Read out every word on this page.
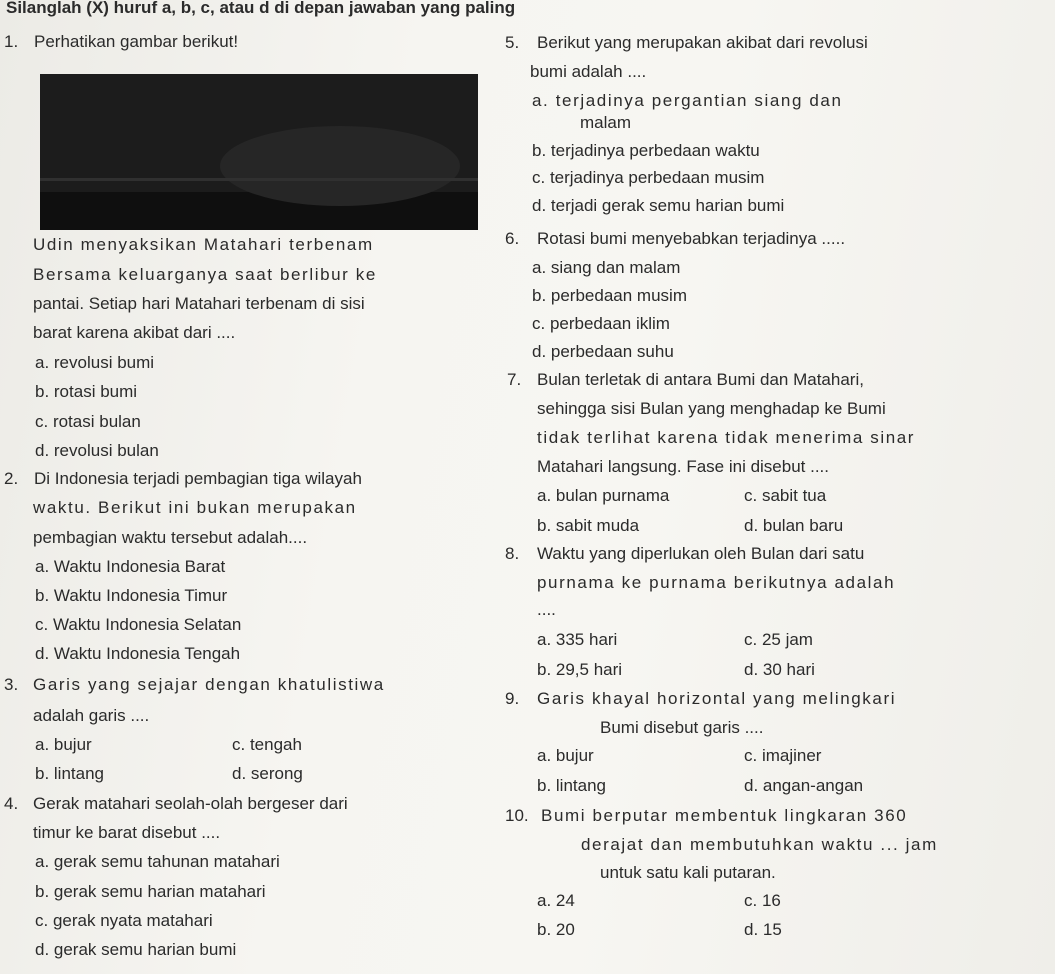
Silanglah (X) huruf a, b, c, atau d di depan jawaban yang paling
1. Perhatikan gambar berikut!
Udin menyaksikan Matahari terbenam
Bersama keluarganya saat berlibur ke
pantai. Setiap hari Matahari terbenam di sisi
barat karena akibat dari ....
a. revolusi bumi
b. rotasi bumi
c. rotasi bulan
d. revolusi bulan
2. Di Indonesia terjadi pembagian tiga wilayah
waktu. Berikut ini bukan merupakan
pembagian waktu tersebut adalah....
a. Waktu Indonesia Barat
b. Waktu Indonesia Timur
c. Waktu Indonesia Selatan
d. Waktu Indonesia Tengah
3. Garis yang sejajar dengan khatulistiwa
adalah garis ....
a. bujur
b. lintang
c. tengah
d. serong
4. Gerak matahari seolah-olah bergeser dari
timur ke barat disebut ....
a. gerak semu tahunan matahari
b. gerak semu harian matahari
c. gerak nyata matahari
d. gerak semu harian bumi
5. Berikut yang merupakan akibat dari revolusi
bumi adalah ....
a. terjadinya pergantian siang dan
malam
b. terjadinya perbedaan waktu
c. terjadinya perbedaan musim
d. terjadi gerak semu harian bumi
6. Rotasi bumi menyebabkan terjadinya .....
a. siang dan malam
b. perbedaan musim
c. perbedaan iklim
d. perbedaan suhu
7. Bulan terletak di antara Bumi dan Matahari,
sehingga sisi Bulan yang menghadap ke Bumi
tidak terlihat karena tidak menerima sinar
Matahari langsung. Fase ini disebut ....
a. bulan purnama
b. sabit muda
c. sabit tua
d. bulan baru
8. Waktu yang diperlukan oleh Bulan dari satu
purnama ke purnama berikutnya adalah
....
a. 335 hari
b. 29,5 hari
c. 25 jam
d. 30 hari
9. Garis khayal horizontal yang melingkari
Bumi disebut garis ....
a. bujur
b. lintang
c. imajiner
d. angan-angan
10. Bumi berputar membentuk lingkaran 360
derajat dan membutuhkan waktu ... jam
untuk satu kali putaran.
a. 24
b. 20
c. 16
d. 15
